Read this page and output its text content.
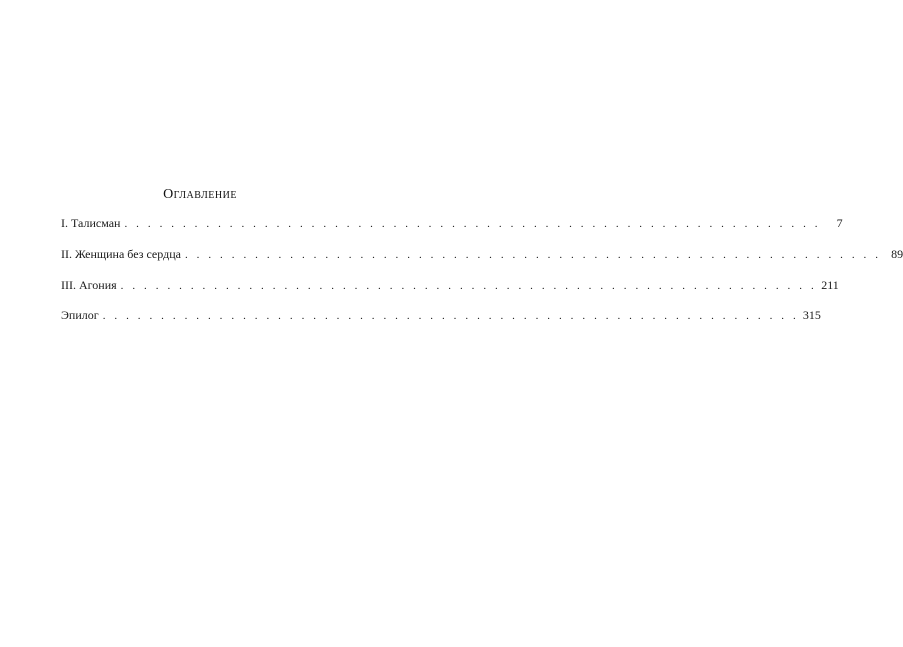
Оглавление
I. Талисман . . . . . . . . . . . . . . . . . . . . . . . . . . . . . . . . . . . . . . . . . . . . . . . . . . . . . . . . . . . .	7
II. Женщина без сердца . . . . . . . . . . . . . . . . . . . . . . . . . . . . . . . . . . . . . . . . . . . . . . . . . . . . . . . . . . . . 89
III. Агония . . . . . . . . . . . . . . . . . . . . . . . . . . . . . . . . . . . . . . . . . . . . . . . . . . . . . . . . . . . . 211
Эпилог . . . . . . . . . . . . . . . . . . . . . . . . . . . . . . . . . . . . . . . . . . . . . . . . . . . . . . . . . . . . 315
